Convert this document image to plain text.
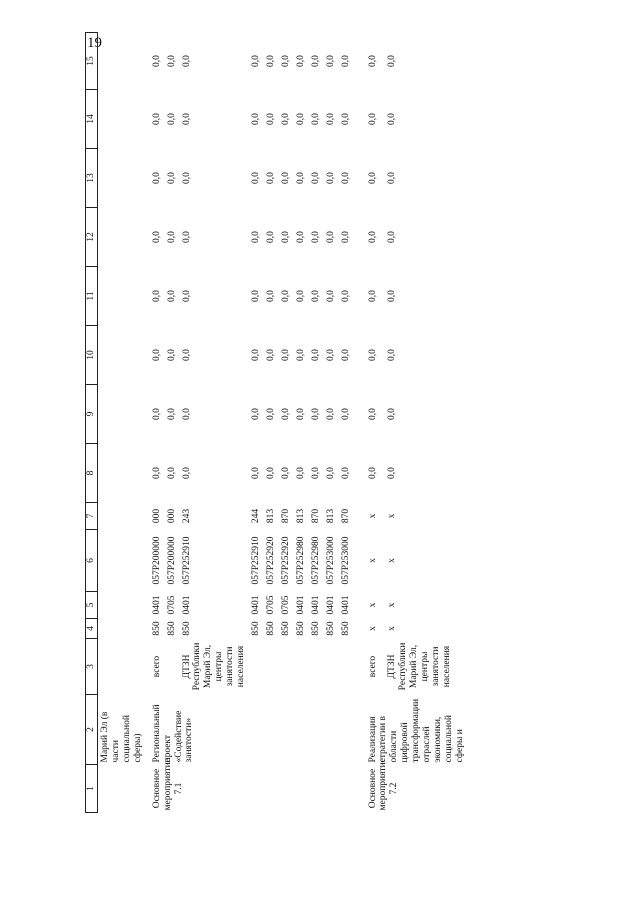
19
1	2	3	4	5	6	7	8	9	10	11	12	13	14	15
	Марий Эл (в части социальной сферы)													
Основное мероприятие 7.1	Региональный проект «Содействие занятости»	всего	850	0401	057P200000	000	0,0	0,0	0,0	0,0	0,0	0,0	0,0	0,0
			850	0705	057P200000	000	0,0	0,0	0,0	0,0	0,0	0,0	0,0	0,0
		ДТЗН Республики Марий Эл, центры занятости населения	850	0401	057P252910	243	0,0	0,0	0,0	0,0	0,0	0,0	0,0	0,0
			850	0401	057P252910	244	0,0	0,0	0,0	0,0	0,0	0,0	0,0	0,0
			850	0705	057P252920	813	0,0	0,0	0,0	0,0	0,0	0,0	0,0	0,0
			850	0705	057P252920	870	0,0	0,0	0,0	0,0	0,0	0,0	0,0	0,0
			850	0401	057P252980	813	0,0	0,0	0,0	0,0	0,0	0,0	0,0	0,0
			850	0401	057P252980	870	0,0	0,0	0,0	0,0	0,0	0,0	0,0	0,0
			850	0401	057P253000	813	0,0	0,0	0,0	0,0	0,0	0,0	0,0	0,0
			850	0401	057P253000	870	0,0	0,0	0,0	0,0	0,0	0,0	0,0	0,0
Основное мероприятие 7.2	Реализация стратегии в области цифровой трансформации отраслей экономики, социальной сферы и	всего	х	х	х	х	0,0	0,0	0,0	0,0	0,0	0,0	0,0	0,0
		ДТЗН Республики Марий Эл, центры занятости населения	х	х	х	х	0,0	0,0	0,0	0,0	0,0	0,0	0,0	0,0
